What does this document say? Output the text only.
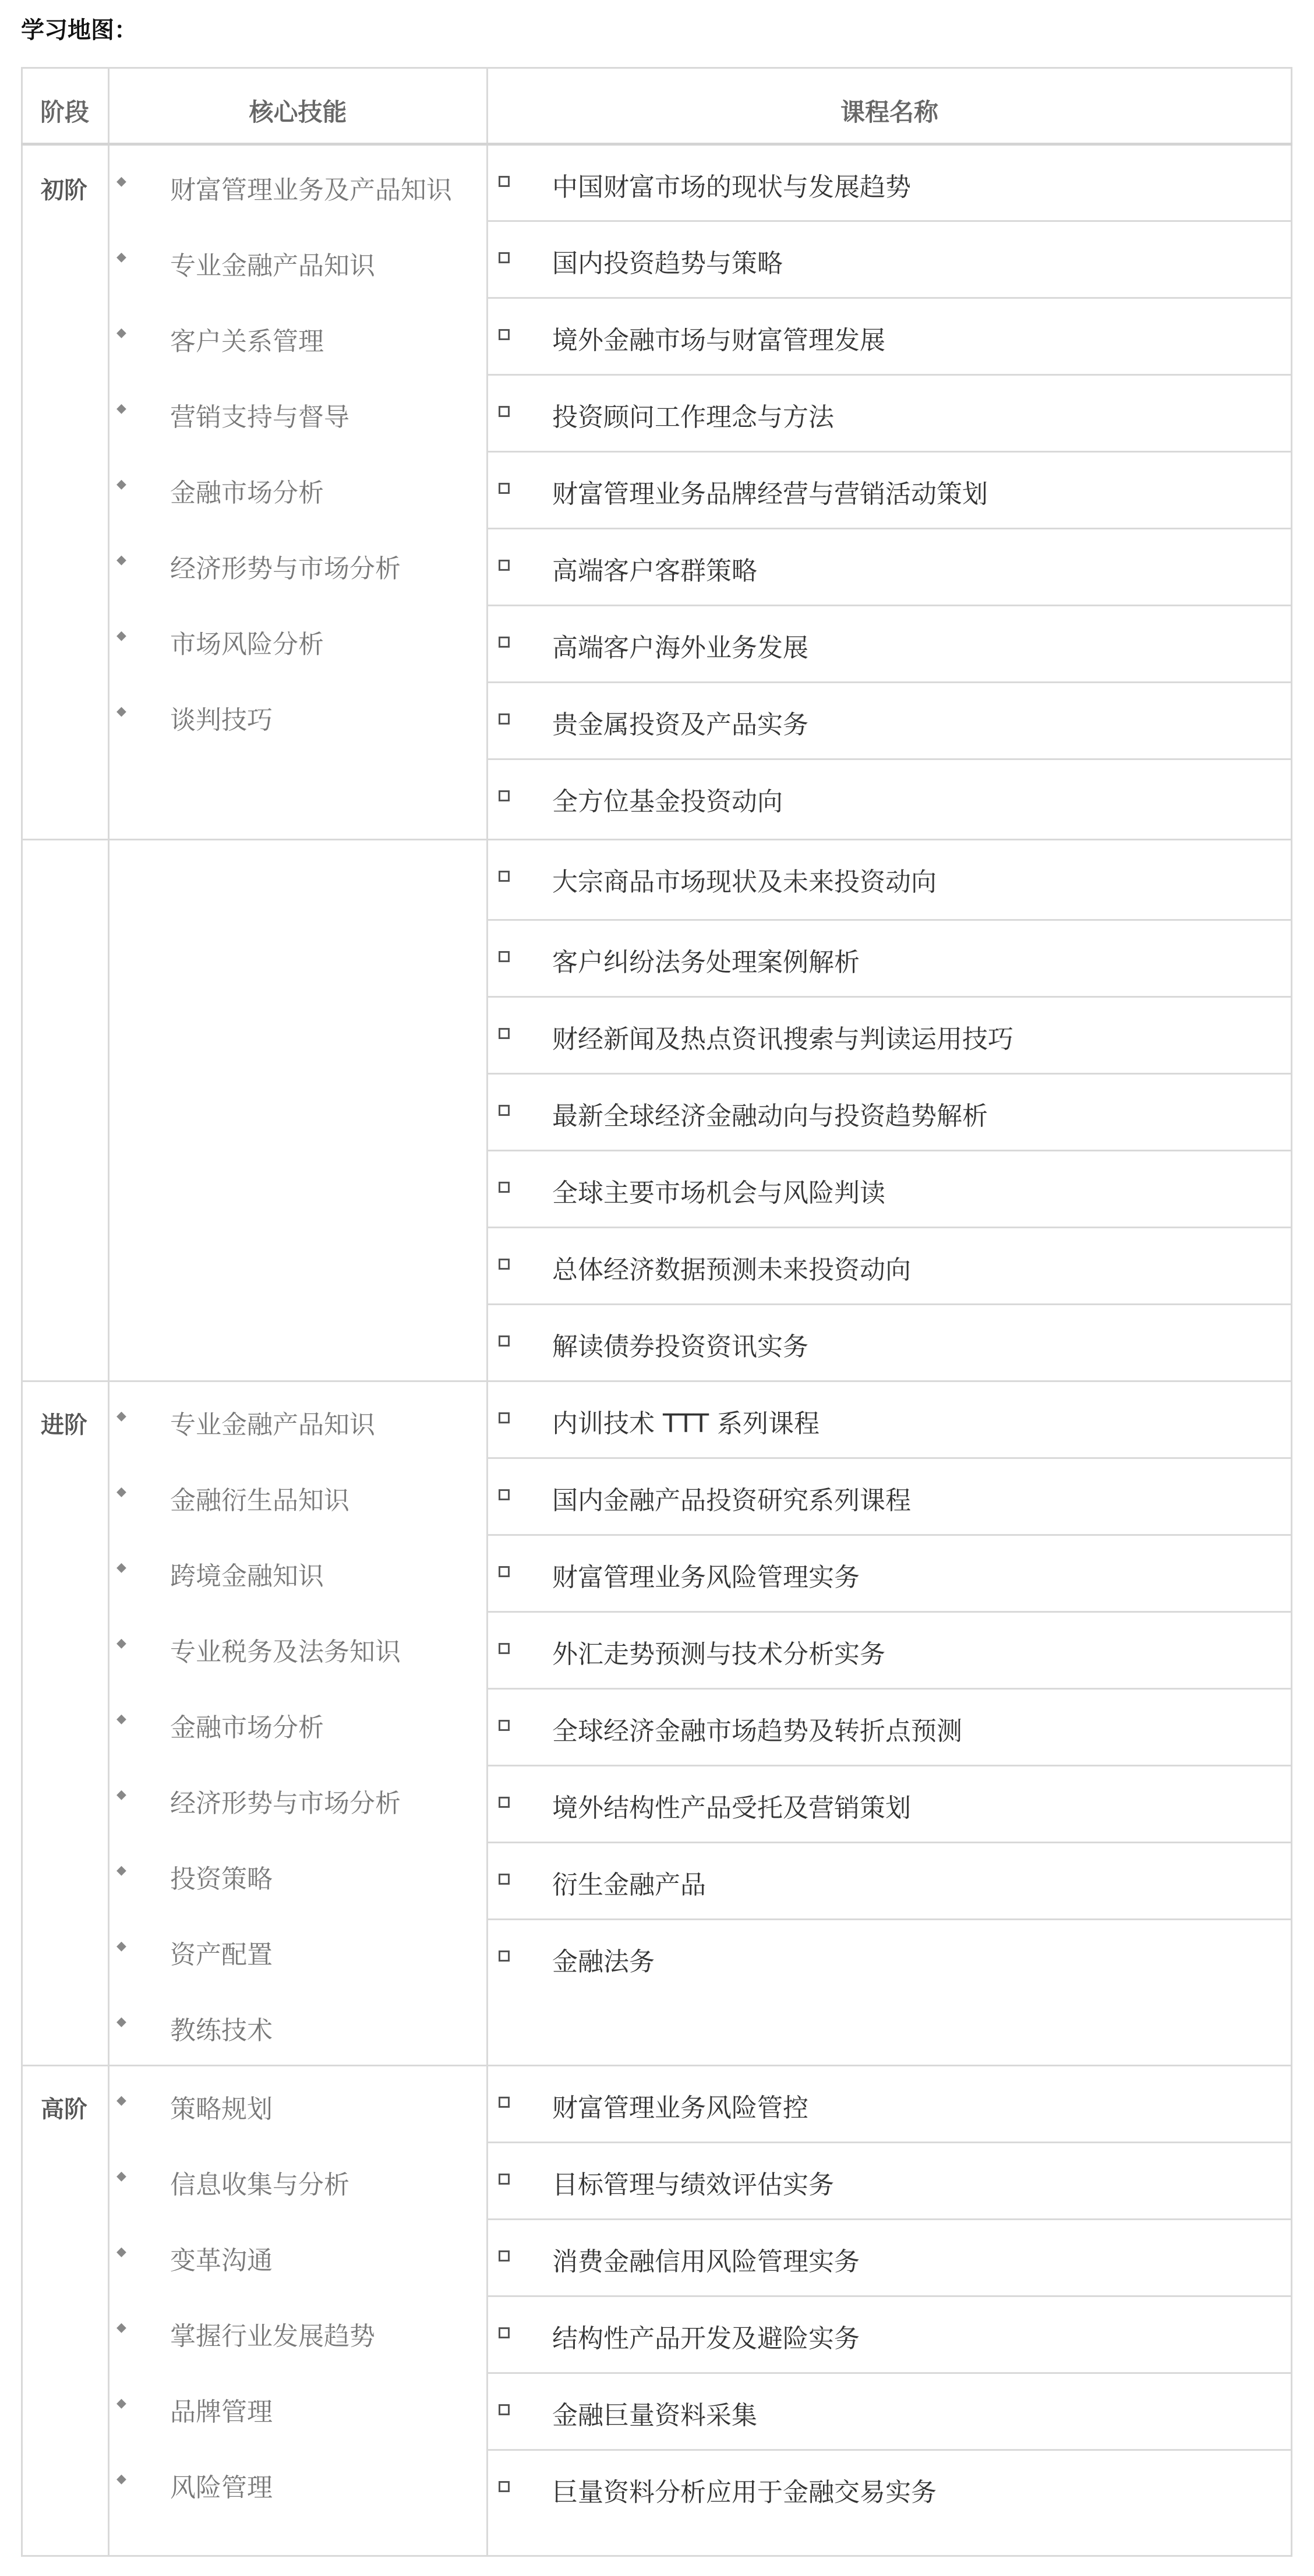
学习地图：
阶段	核心技能	课程名称
初阶
进阶
高阶
◆ 财富管理业务及产品知识
◆ 专业金融产品知识
◆ 客户关系管理
◆ 营销支持与督导
◆ 金融市场分析
◆ 经济形势与市场分析
◆ 市场风险分析
◆ 谈判技巧
◆ 专业金融产品知识
◆ 金融衍生品知识
◆ 跨境金融知识
◆ 专业税务及法务知识
◆ 金融市场分析
◆ 经济形势与市场分析
◆ 投资策略
◆ 资产配置
◆ 教练技术
◆ 策略规划
◆ 信息收集与分析
◆ 变革沟通
◆ 掌握行业发展趋势
◆ 品牌管理
◆ 风险管理
中国财富市场的现状与发展趋势
国内投资趋势与策略
境外金融市场与财富管理发展
投资顾问工作理念与方法
财富管理业务品牌经营与营销活动策划
高端客户客群策略
高端客户海外业务发展
贵金属投资及产品实务
全方位基金投资动向
大宗商品市场现状及未来投资动向
客户纠纷法务处理案例解析
财经新闻及热点资讯搜索与判读运用技巧
最新全球经济金融动向与投资趋势解析
全球主要市场机会与风险判读
总体经济数据预测未来投资动向
解读债券投资资讯实务
内训技术 TTT 系列课程
国内金融产品投资研究系列课程
财富管理业务风险管理实务
外汇走势预测与技术分析实务
全球经济金融市场趋势及转折点预测
境外结构性产品受托及营销策划
衍生金融产品
金融法务
财富管理业务风险管控
目标管理与绩效评估实务
消费金融信用风险管理实务
结构性产品开发及避险实务
金融巨量资料采集
巨量资料分析应用于金融交易实务
